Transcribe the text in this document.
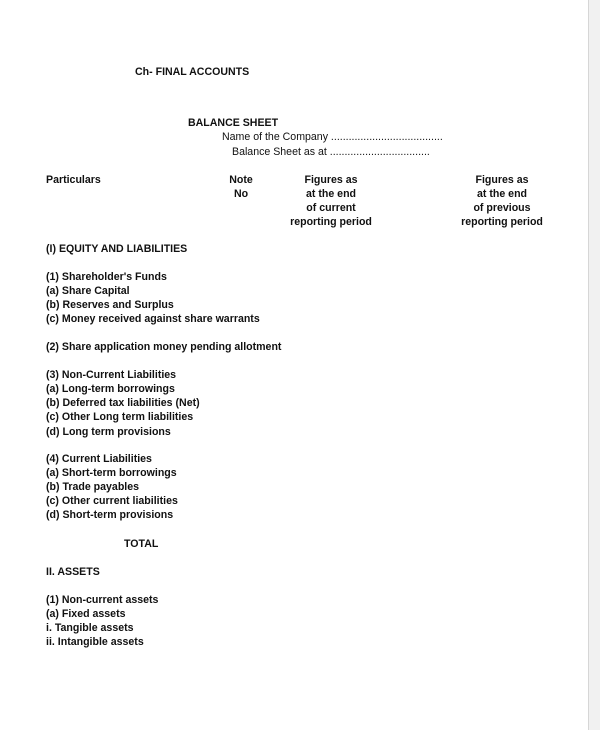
Ch- FINAL ACCOUNTS
BALANCE SHEET
Name of the Company ......................................
Balance Sheet as at ..................................
Particulars	Note
No
Figures as
at the end
of current
reporting period
Figures as
at the end
of previous
reporting period
(I) EQUITY AND LIABILITIES
(1) Shareholder's Funds
(a) Share Capital
(b) Reserves and Surplus
(c) Money received against share warrants
(2) Share application money pending allotment
(3) Non-Current Liabilities
(a) Long-term borrowings
(b) Deferred tax liabilities (Net)
(c) Other Long term liabilities
(d) Long term provisions
(4) Current Liabilities
(a) Short-term borrowings
(b) Trade payables
(c) Other current liabilities
(d) Short-term provisions
TOTAL
II. ASSETS
(1) Non-current assets
(a) Fixed assets
i. Tangible assets
ii. Intangible assets
